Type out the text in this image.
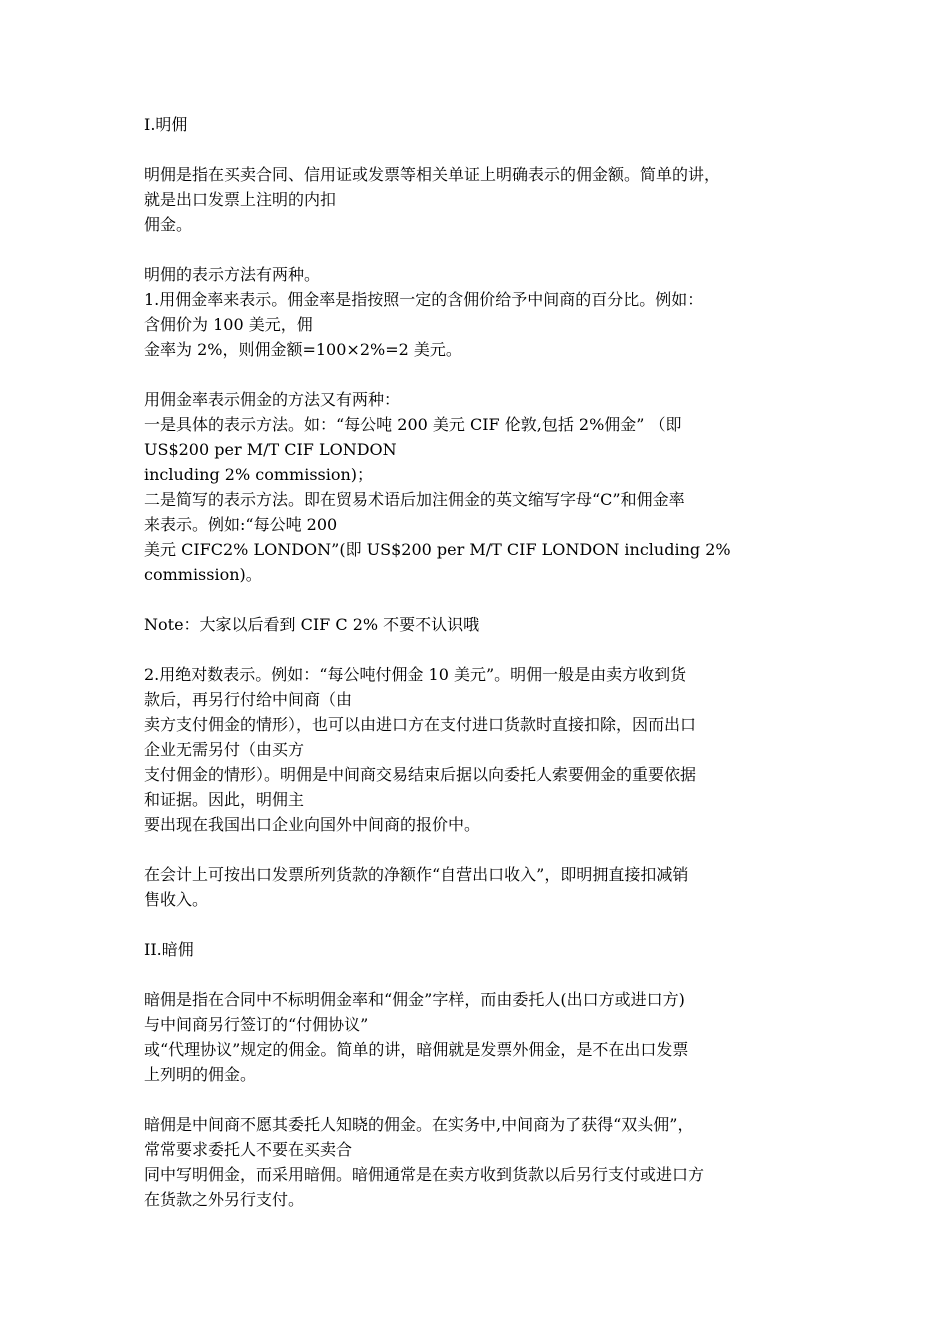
I.明佣
明佣是指在买卖合同、信用证或发票等相关单证上明确表示的佣金额。简单的讲，
就是出口发票上注明的内扣
佣金。
明佣的表示方法有两种。
1.用佣金率来表示。佣金率是指按照一定的含佣价给予中间商的百分比。例如：
含佣价为 100 美元，佣
金率为 2%，则佣金额=100×2%=2 美元。
用佣金率表示佣金的方法又有两种：
一是具体的表示方法。如：“每公吨 200 美元 CIF 伦敦,包括 2%佣金” （即
US$200 per M/T CIF LONDON
including 2% commission)；
二是简写的表示方法。即在贸易术语后加注佣金的英文缩写字母“C”和佣金率
来表示。例如:“每公吨 200
美元 CIFC2% LONDON”(即 US$200 per M/T CIF LONDON including 2%
commission)。
Note：大家以后看到 CIF C 2% 不要不认识哦
2.用绝对数表示。例如：“每公吨付佣金 10 美元”。明佣一般是由卖方收到货
款后，再另行付给中间商（由
卖方支付佣金的情形），也可以由进口方在支付进口货款时直接扣除，因而出口
企业无需另付（由买方
支付佣金的情形）。明佣是中间商交易结束后据以向委托人索要佣金的重要依据
和证据。因此，明佣主
要出现在我国出口企业向国外中间商的报价中。
在会计上可按出口发票所列货款的净额作“自营出口收入”，即明拥直接扣减销
售收入。
II.暗佣
暗佣是指在合同中不标明佣金率和“佣金”字样，而由委托人(出口方或进口方)
与中间商另行签订的“付佣协议”
或“代理协议”规定的佣金。简单的讲，暗佣就是发票外佣金，是不在出口发票
上列明的佣金。
暗佣是中间商不愿其委托人知晓的佣金。在实务中,中间商为了获得“双头佣”，
常常要求委托人不要在买卖合
同中写明佣金，而采用暗佣。暗佣通常是在卖方收到货款以后另行支付或进口方
在货款之外另行支付。
